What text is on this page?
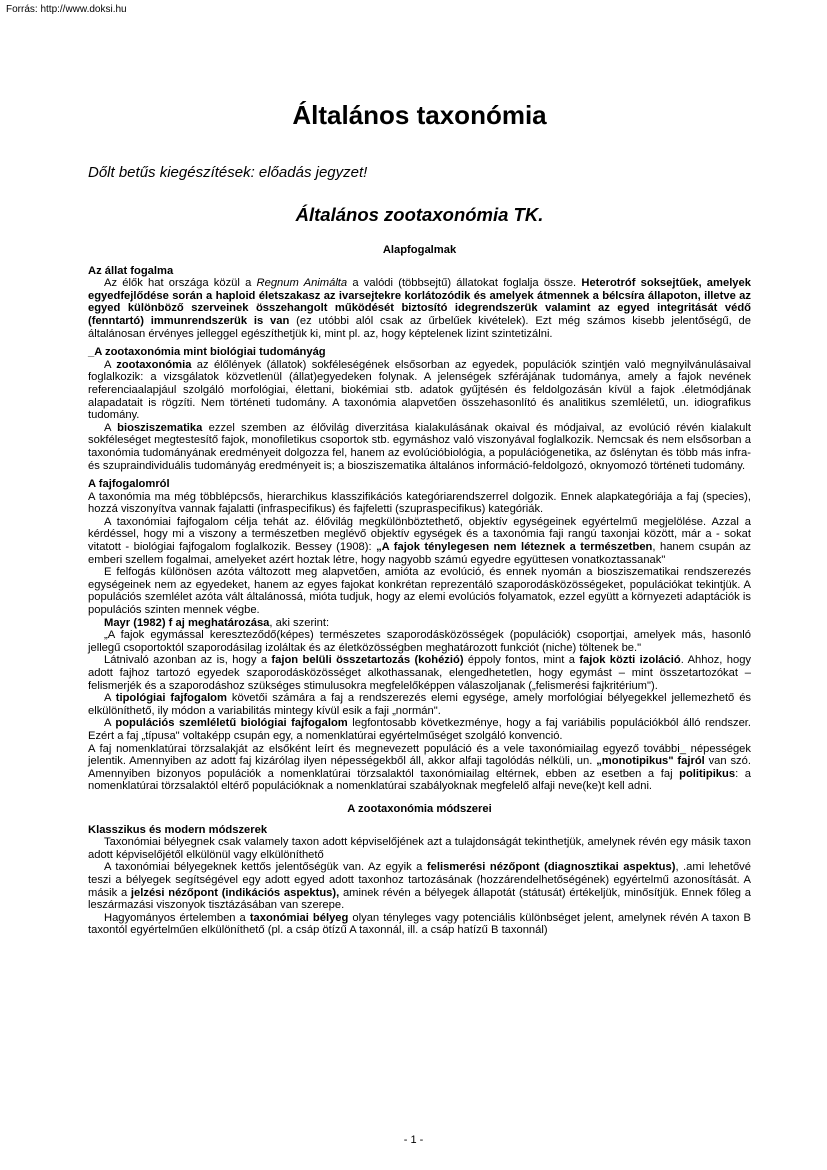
Forrás: http://www.doksi.hu
Általános taxonómia
Dőlt betűs kiegészítések: előadás jegyzet!
Általános zootaxonómia TK.
Alapfogalmak
Az állat fogalma

Az élők hat országa közül a Regnum Animálta a valódi (többsejtű) állatokat foglalja össze. Heterotróf soksejtűek, amelyek egyedfejlődése során a haploid életszakasz az ivarsejtekre korlátozódik és amelyek átmennek a bélcsíra állapoton, illetve az egyed különböző szerveinek összehangolt működését biztosító idegrendszerük valamint az egyed integritását védő (fenntartó) immunrendszerük is van (ez utóbbi alól csak az űrbelűek kivételek). Ezt még számos kisebb jelentőségű, de általánosan érvényes jelleggel egészíthetjük ki, mint pl. az, hogy képtelenek lizint szintetizálni.

_A zootaxonómia mint biológiai tudományág

A zootaxonómia az élőlények (állatok) sokféleségének elsősorban az egyedek, populációk szintjén való megnyilvánulásaival foglalkozik: a vizsgálatok közvetlenül (állat)egyedeken folynak. A jelenségek szférájának tudománya, amely a fajok nevének referenciaalapjául szolgáló morfológiai, élettani, biokémiai stb. adatok gyűjtésén és feldolgozásán kívül a fajok .életmódjának alapadatait is rögzíti. Nem történeti tudomány. A taxonómia alapvetően összehasonlító és analitikus szemléletű, un. idiografikus tudomány.

A biosziszematika ezzel szemben az élővilág diverzitása kialakulásának okaival és módjaival, az evolúció révén kialakult sokféleséget megtestesítő fajok, monofiletikus csoportok stb. egymáshoz való viszonyával foglalkozik. Nemcsak és nem elsősorban a taxonómia tudományának eredményeit dolgozza fel, hanem az evolúcióbiológia, a populációgenetika, az őslénytan és több más infra- és szupraindividuális tudományág eredményeit is; a biosziszematika általános információ-feldolgozó, oknyomozó történeti tudomány.

A fajfogalomról

A taxonómia ma még többlépcsős, hierarchikus klasszifikációs kategóriarendszerrel dolgozik. Ennek alapkategóriája a faj (species), hozzá viszonyítva vannak fajalatti (infraspecifikus) és fajfeletti (szupraspecifikus) kategóriák.

A taxonómiai fajfogalom célja tehát az. élővilág megkülönböztethető, objektív egységeinek egyértelmű megjelölése. Azzal a kérdéssel, hogy mi a viszony a természetben meglévő objektív egységek és a taxonómia faji rangú taxonjai között, már a - sokat vitatott - biológiai fajfogalom foglalkozik. Bessey (1908): „A fajok ténylegesen nem léteznek a természetben, hanem csupán az emberi szellem fogalmai, amelyeket azért hoztak létre, hogy nagyobb számú egyedre együttesen vonatkoztassanak"

E felfogás különösen azóta változott meg alapvetően, amióta az evolúció, és ennek nyomán a biosziszematikai rendszerezés egységeinek nem az egyedeket, hanem az egyes fajokat konkrétan reprezentáló szaporodásközösségeket, populációkat tekintjük. A populációs szemlélet azóta vált általánossá, mióta tudjuk, hogy az elemi evolúciós folyamatok, ezzel együtt a környezeti adaptációk is populációs szinten mennek végbe.

Mayr (1982) f aj meghatározása, aki szerint:

„A fajok egymással kereszteződő(képes) természetes szaporodásközösségek (populációk) csoportjai, amelyek más, hasonló jellegű csoportoktól szaporodásilag izoláltak és az életközösségben meghatározott funkciót (niche) töltenek be."

Látnivaló azonban az is, hogy a fajon belüli összetartozás (kohézió) éppoly fontos, mint a fajok közti izoláció. Ahhoz, hogy adott fajhoz tartozó egyedek szaporodásközösséget alkothassanak, elengedhetetlen, hogy egymást – mint összetartozókat – felismerjék és a szaporodáshoz szükséges stimulusokra megfelelőképpen válaszoljanak („felismerési fajkritérium").

A tipológiai fajfogalom követői számára a faj a rendszerezés elemi egysége, amely morfológiai bélyegekkel jellemezhető és elkülöníthető, ily módon a variabilitás mintegy kívül esik a faji „normán".

A populációs szemléletű biológiai fajfogalom legfontosabb következménye, hogy a faj variábilis populációkból álló rendszer. Ezért a faj „típusa" voltaképp csupán egy, a nomenklatúrai egyértelműséget szolgáló konvenció.

A faj nomenklatúrai törzsalakját az elsőként leírt és megnevezett populáció és a vele taxonómiailag egyező további_ népességek jelentik. Amennyiben az adott faj kizárólag ilyen népességekből áll, akkor alfaji tagolódás nélküli, un. „monotipikus" fajról van szó. Amennyiben bizonyos populációk a nomenklatúrai törzsalaktól taxonómiailag eltérnek, ebben az esetben a faj politipikus: a nomenklatúrai törzsalaktól eltérő populációknak a nomenklatúrai szabályoknak megfelelő alfaji neve(ke)t kell adni.

A zootaxonómia módszerei
Klasszikus és modern módszerek

Taxonómiai bélyegnek csak valamely taxon adott képviselőjének azt a tulajdonságát tekinthetjük, amelynek révén egy másik taxon adott képviselőjétől elkülönül vagy elkülöníthető

A taxonómiai bélyegeknek kettős jelentőségük van. Az egyik a felismerési nézőpont (diagnosztikai aspektus), .ami lehetővé teszi a bélyegek segítségével egy adott egyed adott taxonhoz tartozásának (hozzárendelhetőségének) egyértelmű azonosítását. A másik a jelzési nézőpont (indikációs aspektus), aminek révén a bélyegek állapotát (státusát) értékeljük, minősítjük. Ennek főleg a leszármazási viszonyok tisztázásában van szerepe.

Hagyományos értelemben a taxonómiai bélyeg olyan tényleges vagy potenciális különbséget jelent, amelynek révén A taxon B taxontól egyértelműen elkülöníthető (pl. a csáp ötízű A taxonnál, ill. a csáp hatízű B taxonnál)

- 1 -
